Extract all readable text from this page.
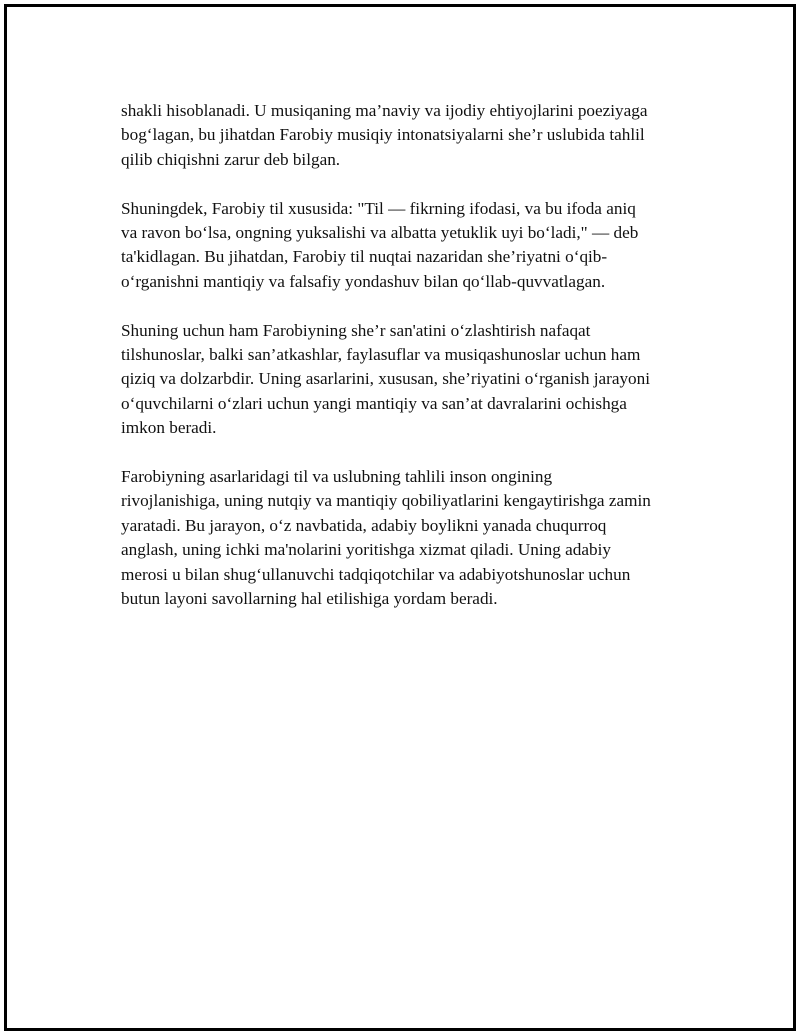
shakli hisoblanadi. U musiqaning ma’naviy va ijodiy ehtiyojlarini poeziyaga
bog‘lagan, bu jihatdan Farobiy musiqiy intonatsiyalarni she’r uslubida tahlil
qilib chiqishni zarur deb bilgan.

Shuningdek, Farobiy til xususida: "Til — fikrning ifodasi, va bu ifoda aniq
va ravon bo‘lsa, ongning yuksalishi va albatta yetuklik uyi bo‘ladi," — deb
ta'kidlagan. Bu jihatdan, Farobiy til nuqtai nazaridan she’riyatni o‘qib-
o‘rganishni mantiqiy va falsafiy yondashuv bilan qo‘llab-quvvatlagan.

Shuning uchun ham Farobiyning she’r san'atini o‘zlashtirish nafaqat
tilshunoslar, balki san’atkashlar, faylasuflar va musiqashunoslar uchun ham
qiziq va dolzarbdir. Uning asarlarini, xususan, she’riyatini o‘rganish jarayoni
o‘quvchilarni o‘zlari uchun yangi mantiqiy va san’at davralarini ochishga
imkon beradi.

Farobiyning asarlaridagi til va uslubning tahlili inson ongining
rivojlanishiga, uning nutqiy va mantiqiy qobiliyatlarini kengaytirishga zamin
yaratadi. Bu jarayon, o‘z navbatida, adabiy boylikni yanada chuqurroq
anglash, uning ichki ma'nolarini yoritishga xizmat qiladi. Uning adabiy
merosi u bilan shug‘ullanuvchi tadqiqotchilar va adabiyotshunoslar uchun
butun layoni savollarning hal etilishiga yordam beradi.
